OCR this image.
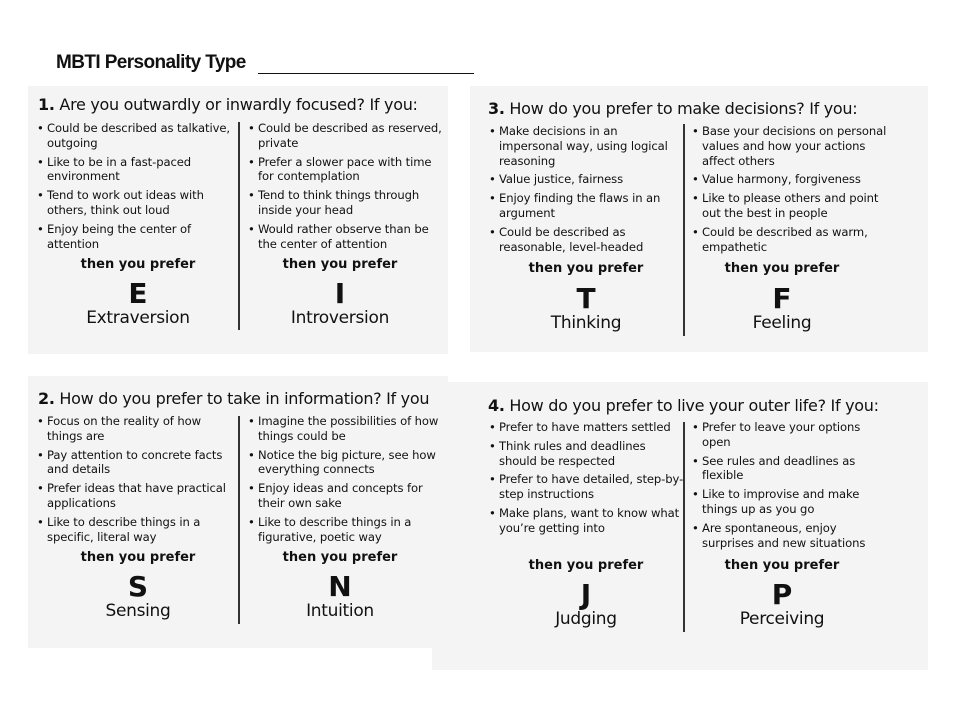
MBTI Personality Type
1. Are you outwardly or inwardly focused? If you:
• Could be described as talkative, outgoing
• Like to be in a fast-paced environment
• Tend to work out ideas with others, think out loud
• Enjoy being the center of attention
• Could be described as reserved, private
• Prefer a slower pace with time for contemplation
• Tend to think things through inside your head
• Would rather observe than be the center of attention
then you prefer
E
Extraversion
then you prefer
I
Introversion
2. How do you prefer to take in information? If you
• Focus on the reality of how things are
• Pay attention to concrete facts and details
• Prefer ideas that have practical applications
• Like to describe things in a specific, literal way
• Imagine the possibilities of how things could be
• Notice the big picture, see how everything connects
• Enjoy ideas and concepts for their own sake
• Like to describe things in a figurative, poetic way
then you prefer
S
Sensing
then you prefer
N
Intuition
3. How do you prefer to make decisions? If you:
• Make decisions in an impersonal way, using logical reasoning
• Value justice, fairness
• Enjoy finding the flaws in an argument
• Could be described as reasonable, level-headed
• Base your decisions on personal values and how your actions affect others
• Value harmony, forgiveness
• Like to please others and point out the best in people
• Could be described as warm, empathetic
then you prefer
T
Thinking
then you prefer
F
Feeling
4. How do you prefer to live your outer life? If you:
• Prefer to have matters settled
• Think rules and deadlines should be respected
• Prefer to have detailed, step-by-step instructions
• Make plans, want to know what you’re getting into
• Prefer to leave your options open
• See rules and deadlines as flexible
• Like to improvise and make things up as you go
• Are spontaneous, enjoy surprises and new situations
then you prefer
J
Judging
then you prefer
P
Perceiving
